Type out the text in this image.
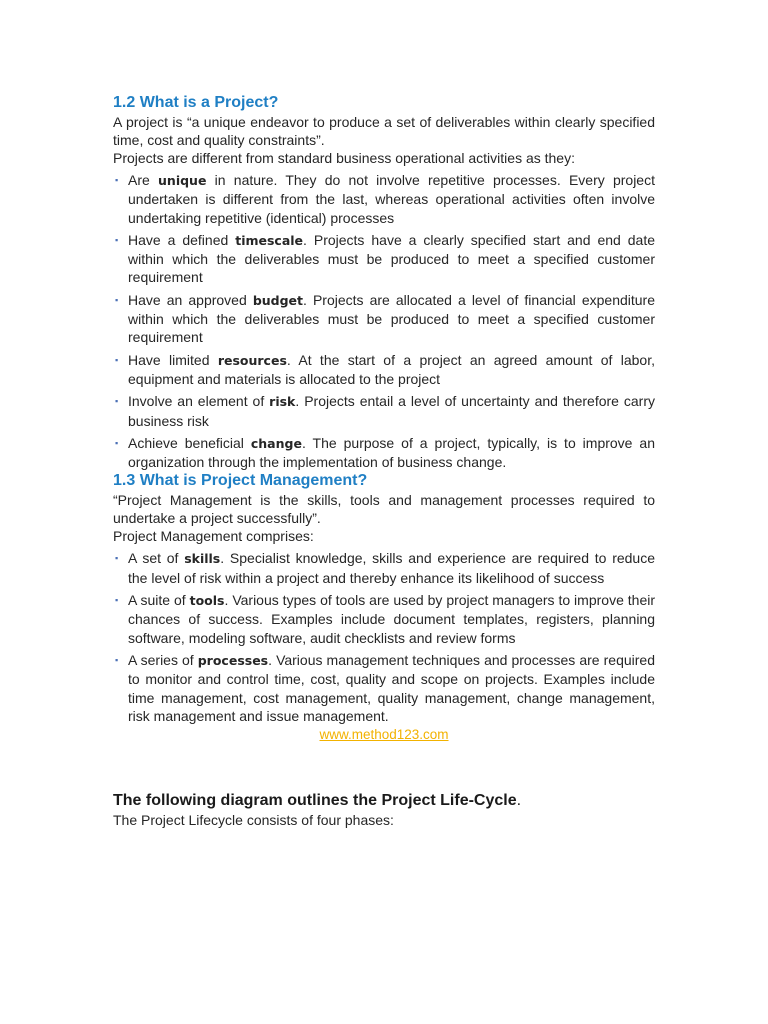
1.2 What is a Project?

A project is “a unique endeavor to produce a set of deliverables within clearly specified time, cost and quality constraints”.

Projects are different from standard business operational activities as they:

▪ Are unique in nature. They do not involve repetitive processes. Every project undertaken is different from the last, whereas operational activities often involve undertaking repetitive (identical) processes
▪ Have a defined timescale. Projects have a clearly specified start and end date within which the deliverables must be produced to meet a specified customer requirement
▪ Have an approved budget. Projects are allocated a level of financial expenditure within which the deliverables must be produced to meet a specified customer requirement
▪ Have limited resources. At the start of a project an agreed amount of labor, equipment and materials is allocated to the project
▪ Involve an element of risk. Projects entail a level of uncertainty and therefore carry business risk
▪ Achieve beneficial change. The purpose of a project, typically, is to improve an organization through the implementation of business change.
1.3 What is Project Management?

“Project Management is the skills, tools and management processes required to undertake a project successfully”.

Project Management comprises:

▪ A set of skills. Specialist knowledge, skills and experience are required to reduce the level of risk within a project and thereby enhance its likelihood of success
▪ A suite of tools. Various types of tools are used by project managers to improve their chances of success. Examples include document templates, registers, planning software, modeling software, audit checklists and review forms
▪ A series of processes. Various management techniques and processes are required to monitor and control time, cost, quality and scope on projects. Examples include time management, cost management, quality management, change management, risk management and issue management.
www.method123.com
The following diagram outlines the Project Life-Cycle.
The Project Lifecycle consists of four phases:
